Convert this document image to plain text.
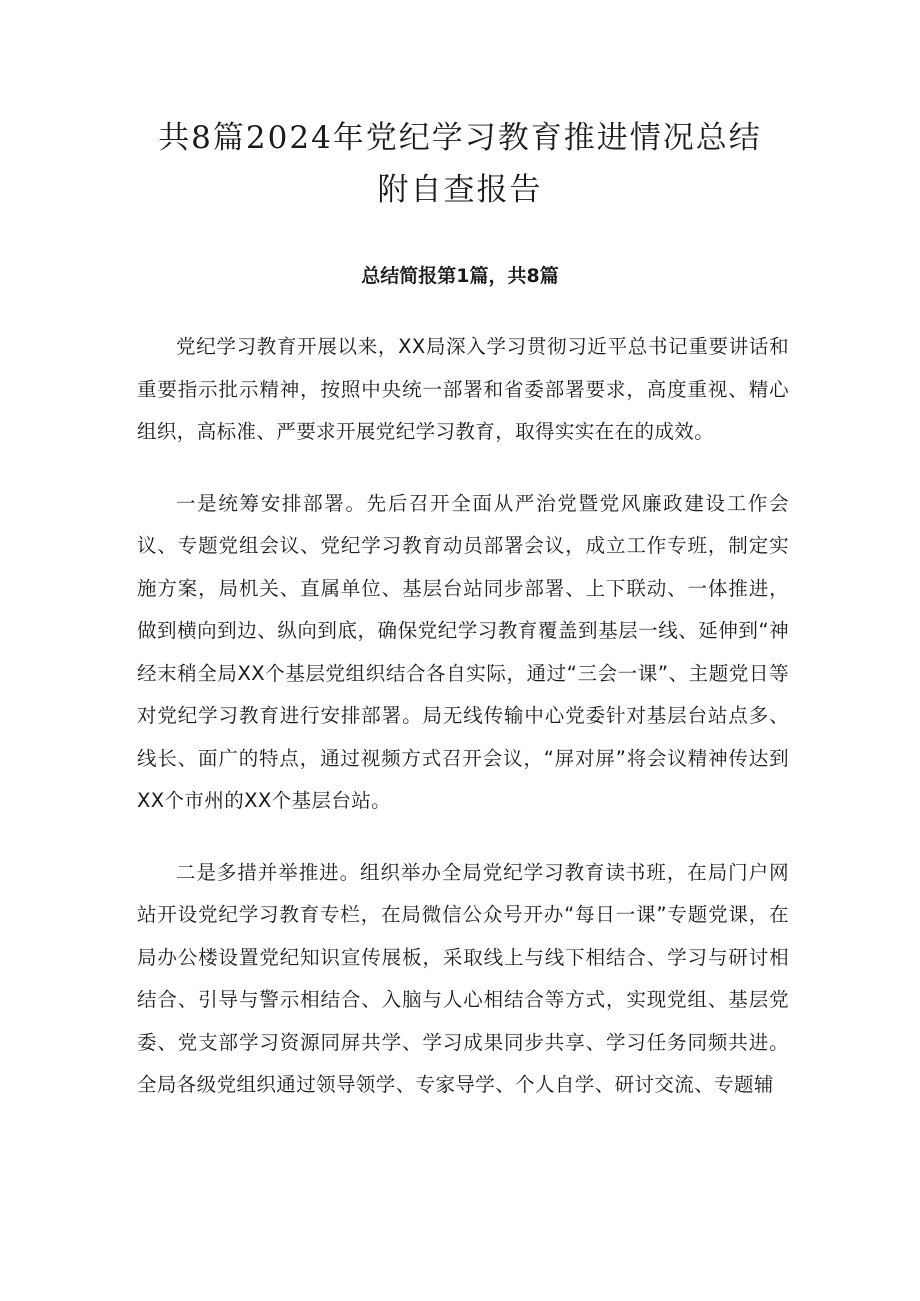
共8篇2024年党纪学习教育推进情况总结
附自查报告
总结简报第1篇，共8篇

党纪学习教育开展以来，XX局深入学习贯彻习近平总书记重要讲话和重要指示批示精神，按照中央统一部署和省委部署要求，高度重视、精心组织，高标准、严要求开展党纪学习教育，取得实实在在的成效。

一是统筹安排部署。先后召开全面从严治党暨党风廉政建设工作会议、专题党组会议、党纪学习教育动员部署会议，成立工作专班，制定实施方案，局机关、直属单位、基层台站同步部署、上下联动、一体推进，做到横向到边、纵向到底，确保党纪学习教育覆盖到基层一线、延伸到“神经末稍全局XX个基层党组织结合各自实际，通过“三会一课”、主题党日等对党纪学习教育进行安排部署。局无线传输中心党委针对基层台站点多、线长、面广的特点，通过视频方式召开会议，“屏对屏”将会议精神传达到XX个市州的XX个基层台站。

二是多措并举推进。组织举办全局党纪学习教育读书班，在局门户网站开设党纪学习教育专栏，在局微信公众号开办“每日一课”专题党课，在局办公楼设置党纪知识宣传展板，采取线上与线下相结合、学习与研讨相结合、引导与警示相结合、入脑与人心相结合等方式，实现党组、基层党委、党支部学习资源同屏共学、学习成果同步共享、学习任务同频共进。全局各级党组织通过领导领学、专家导学、个人自学、研讨交流、专题辅
